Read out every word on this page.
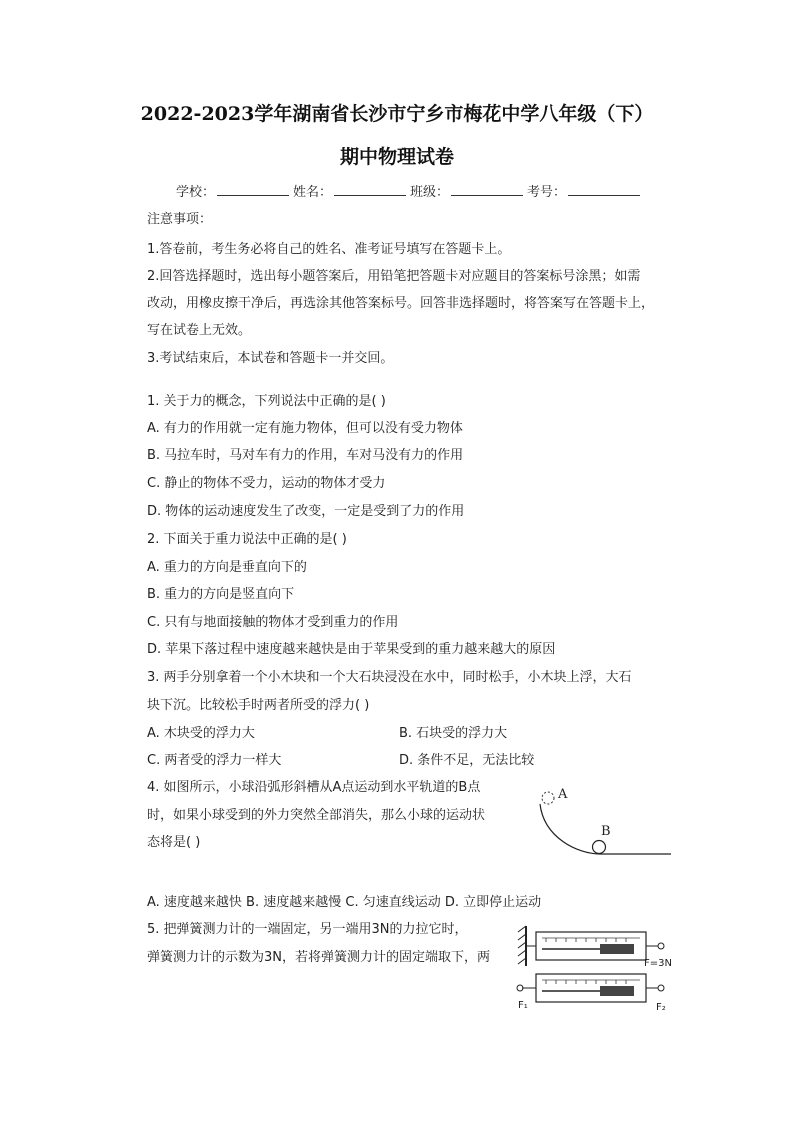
2022-2023学年湖南省长沙市宁乡市梅花中学八年级（下）
期中物理试卷
学校：	姓名：	班级：	考号：
注意事项：
1.答卷前，考生务必将自己的姓名、准考证号填写在答题卡上。
2.回答选择题时，选出每小题答案后，用铅笔把答题卡对应题目的答案标号涂黑；如需
改动，用橡皮擦干净后，再选涂其他答案标号。回答非选择题时，将答案写在答题卡上，
写在试卷上无效。
3.考试结束后，本试卷和答题卡一并交回。
1. 关于力的概念，下列说法中正确的是( )
A. 有力的作用就一定有施力物体，但可以没有受力物体
B. 马拉车时，马对车有力的作用，车对马没有力的作用
C. 静止的物体不受力，运动的物体才受力
D. 物体的运动速度发生了改变，一定是受到了力的作用
2. 下面关于重力说法中正确的是( )
A. 重力的方向是垂直向下的
B. 重力的方向是竖直向下
C. 只有与地面接触的物体才受到重力的作用
D. 苹果下落过程中速度越来越快是由于苹果受到的重力越来越大的原因
3. 两手分别拿着一个小木块和一个大石块浸没在水中，同时松手，小木块上浮，大石
块下沉。比较松手时两者所受的浮力( )
A. 木块受的浮力大	B. 石块受的浮力大
C. 两者受的浮力一样大	D. 条件不足，无法比较
4. 如图所示，小球沿弧形斜槽从A点运动到水平轨道的B点
时，如果小球受到的外力突然全部消失，那么小球的运动状
态将是( )
A
B
A. 速度越来越快 B. 速度越来越慢 C. 匀速直线运动 D. 立即停止运动
5. 把弹簧测力计的一端固定，另一端用3N的力拉它时，
弹簧测力计的示数为3N，若将弹簧测力计的固定端取下，两	F=3N
F₁	F₂
